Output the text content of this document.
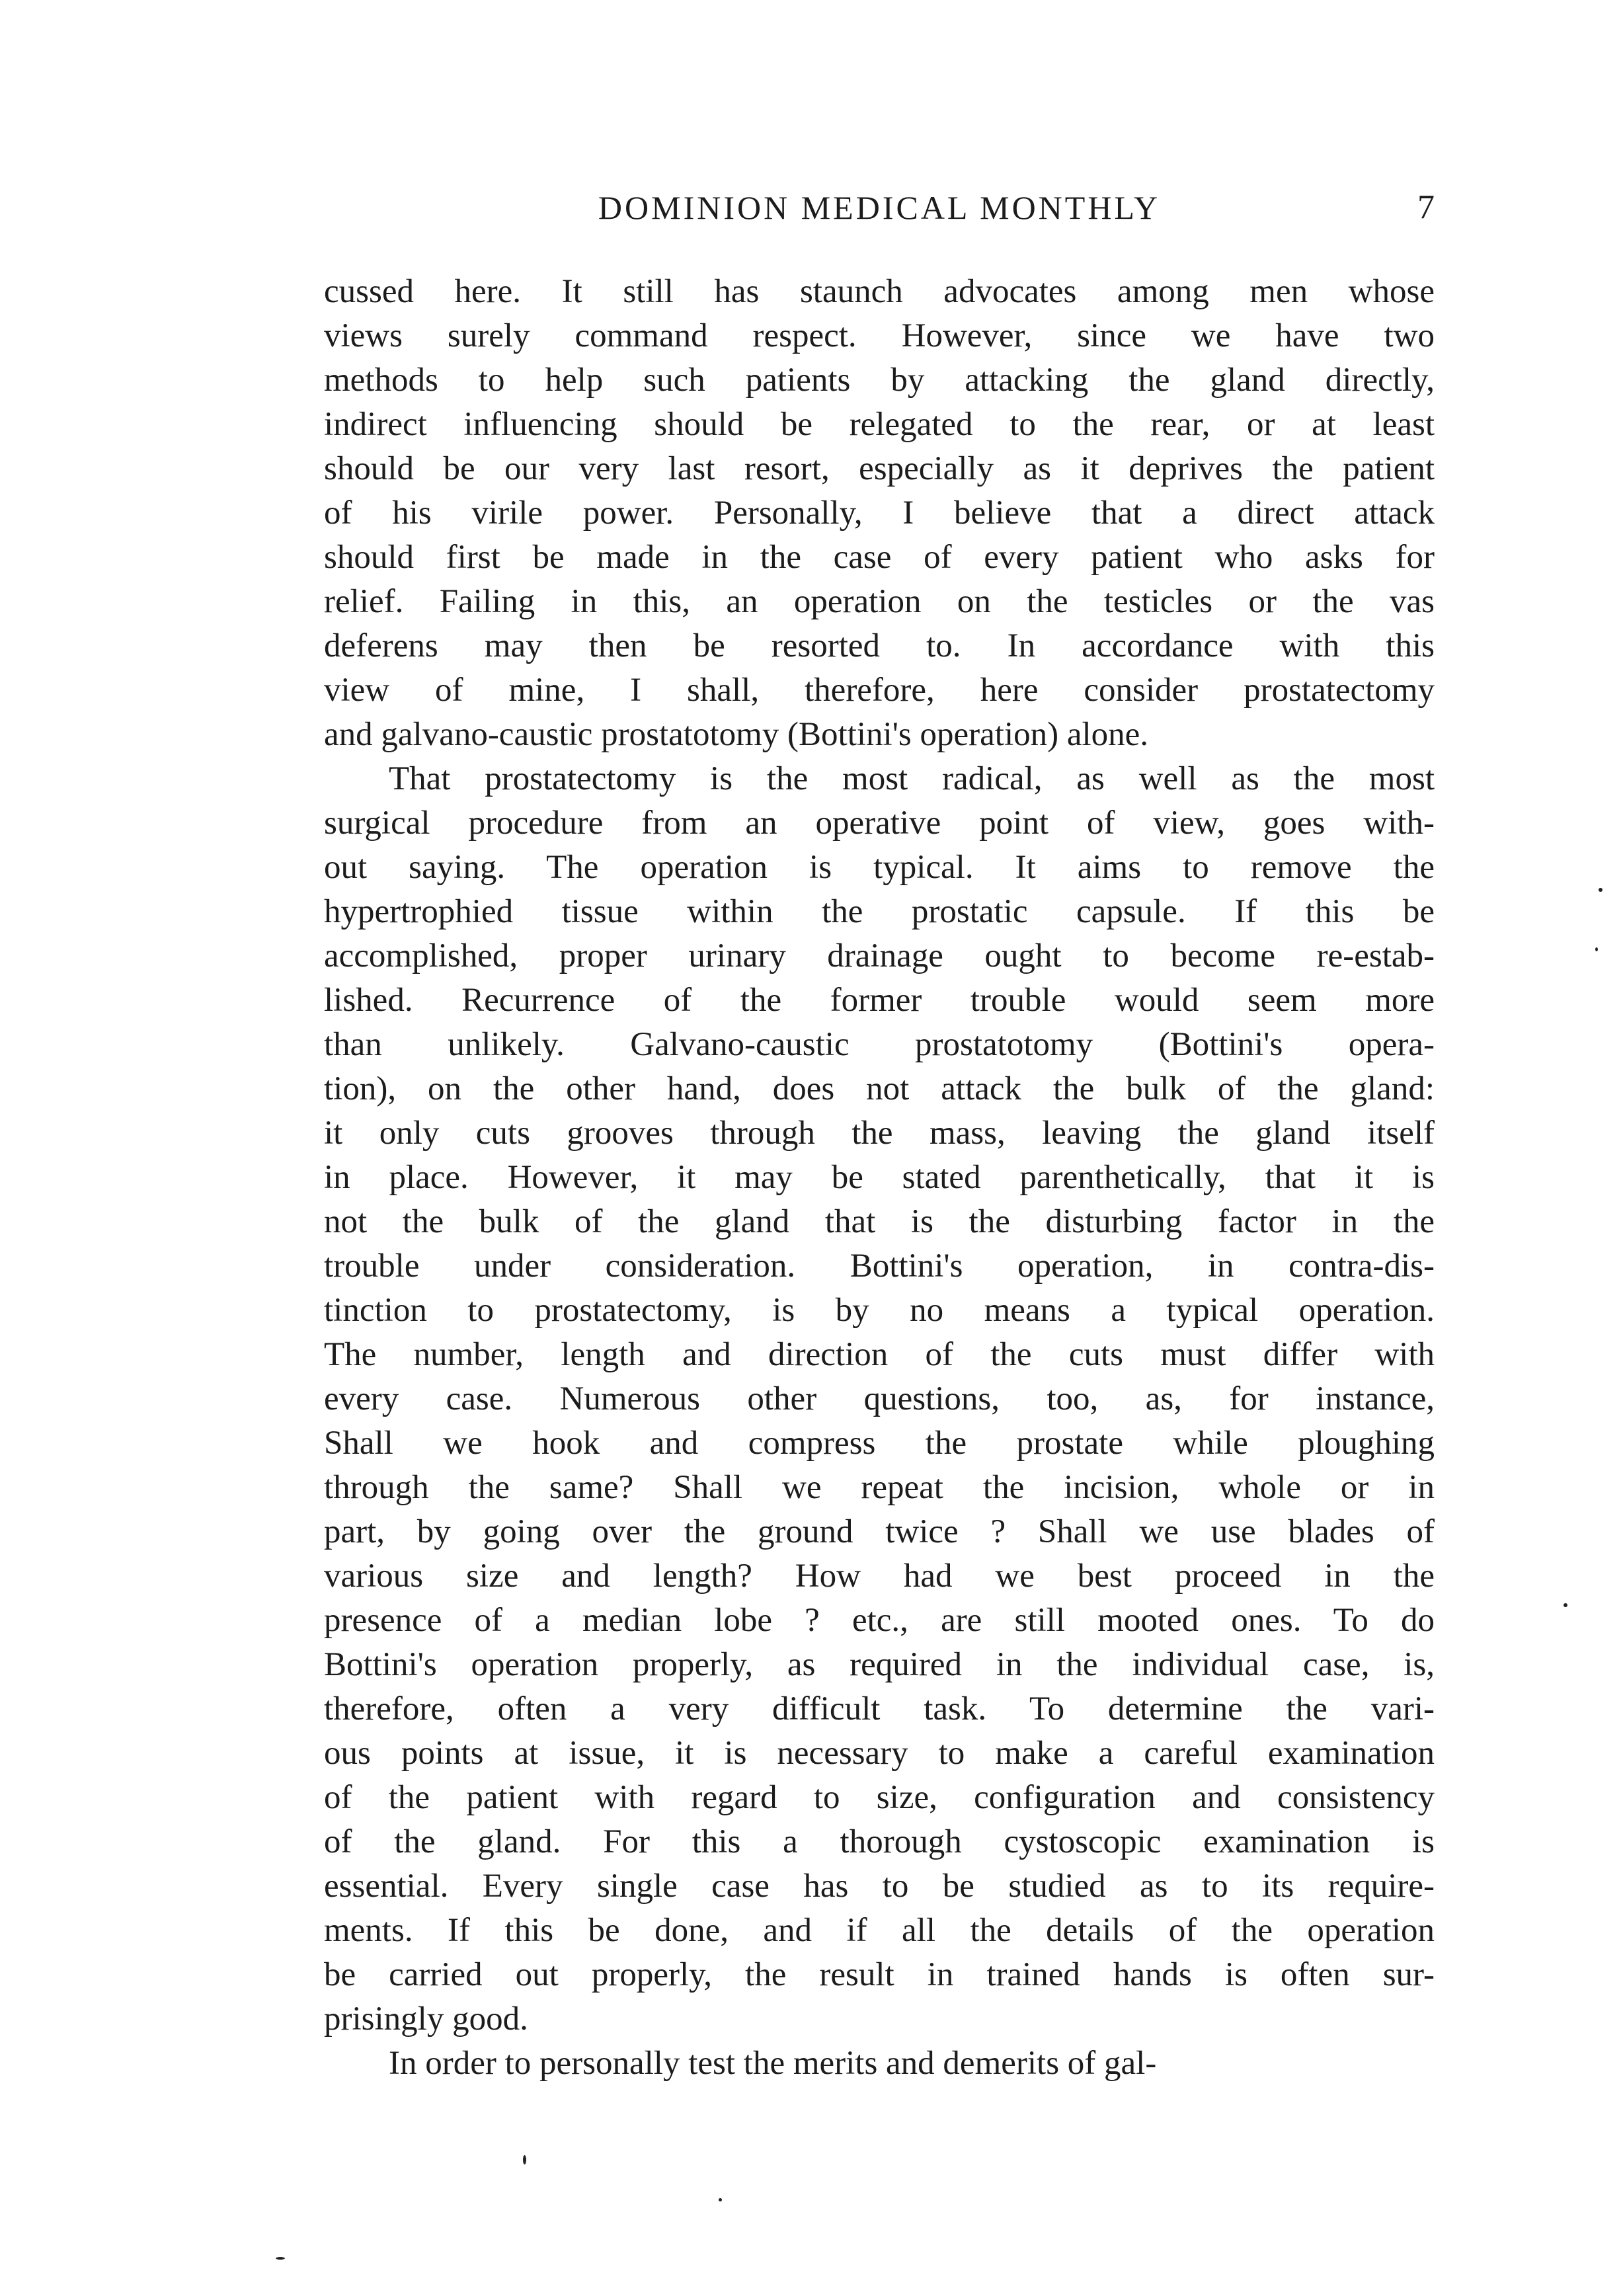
DOMINION MEDICAL MONTHLY	7
cussed here. It still has staunch advocates among men whose
views surely command respect. However, since we have two
methods to help such patients by attacking the gland directly,
indirect influencing should be relegated to the rear, or at least
should be our very last resort, especially as it deprives the patient
of his virile power. Personally, I believe that a direct attack
should first be made in the case of every patient who asks for
relief. Failing in this, an operation on the testicles or the vas
deferens may then be resorted to. In accordance with this
view of mine, I shall, therefore, here consider prostatectomy
and galvano-caustic prostatotomy (Bottini's operation) alone.
That prostatectomy is the most radical, as well as the most
surgical procedure from an operative point of view, goes with-
out saying. The operation is typical. It aims to remove the
hypertrophied tissue within the prostatic capsule. If this be
accomplished, proper urinary drainage ought to become re-estab-
lished. Recurrence of the former trouble would seem more
than unlikely. Galvano-caustic prostatotomy (Bottini's opera-
tion), on the other hand, does not attack the bulk of the gland:
it only cuts grooves through the mass, leaving the gland itself
in place. However, it may be stated parenthetically, that it is
not the bulk of the gland that is the disturbing factor in the
trouble under consideration. Bottini's operation, in contra-dis-
tinction to prostatectomy, is by no means a typical operation.
The number, length and direction of the cuts must differ with
every case. Numerous other questions, too, as, for instance,
Shall we hook and compress the prostate while ploughing
through the same? Shall we repeat the incision, whole or in
part, by going over the ground twice ? Shall we use blades of
various size and length? How had we best proceed in the
presence of a median lobe ? etc., are still mooted ones. To do
Bottini's operation properly, as required in the individual case, is,
therefore, often a very difficult task. To determine the vari-
ous points at issue, it is necessary to make a careful examination
of the patient with regard to size, configuration and consistency
of the gland. For this a thorough cystoscopic examination is
essential. Every single case has to be studied as to its require-
ments. If this be done, and if all the details of the operation
be carried out properly, the result in trained hands is often sur-
prisingly good.
In order to personally test the merits and demerits of gal-
